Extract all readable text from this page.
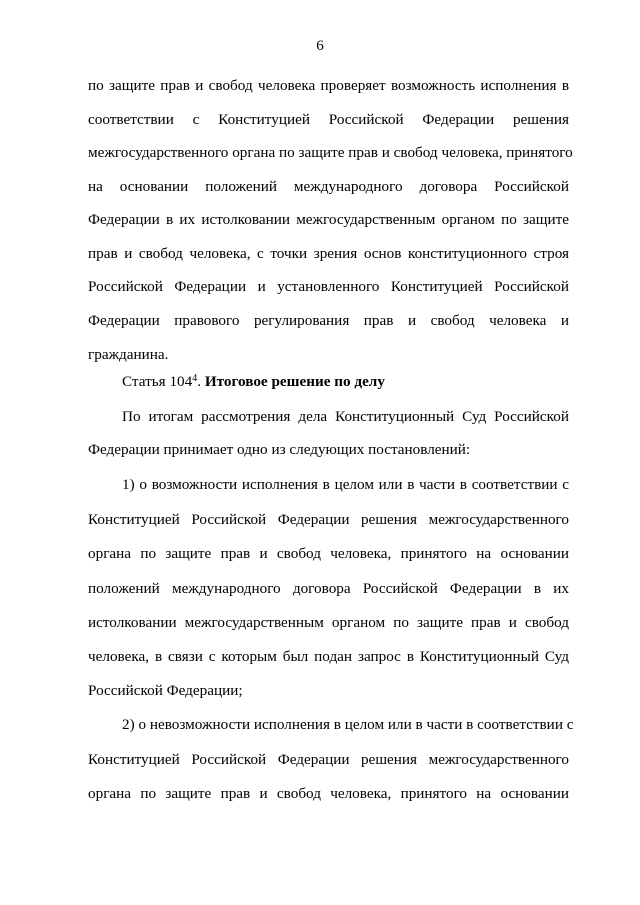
6
по защите прав и свобод человека проверяет возможность исполнения в
соответствии с Конституцией Российской Федерации решения
межгосударственного органа по защите прав и свобод человека, принятого
на основании положений международного договора Российской
Федерации в их истолковании межгосударственным органом по защите
прав и свобод человека, с точки зрения основ конституционного строя
Российской Федерации и установленного Конституцией Российской
Федерации правового регулирования прав и свобод человека и
гражданина.
Статья $104^4$. Итоговое решение по делу
По итогам рассмотрения дела Конституционный Суд Российской
Федерации принимает одно из следующих постановлений:
1) о возможности исполнения в целом или в части в соответствии с
Конституцией Российской Федерации решения межгосударственного
органа по защите прав и свобод человека, принятого на основании
положений международного договора Российской Федерации в их
истолковании межгосударственным органом по защите прав и свобод
человека, в связи с которым был подан запрос в Конституционный Суд
Российской Федерации;
2) о невозможности исполнения в целом или в части в соответствии с
Конституцией Российской Федерации решения межгосударственного
органа по защите прав и свобод человека, принятого на основании
